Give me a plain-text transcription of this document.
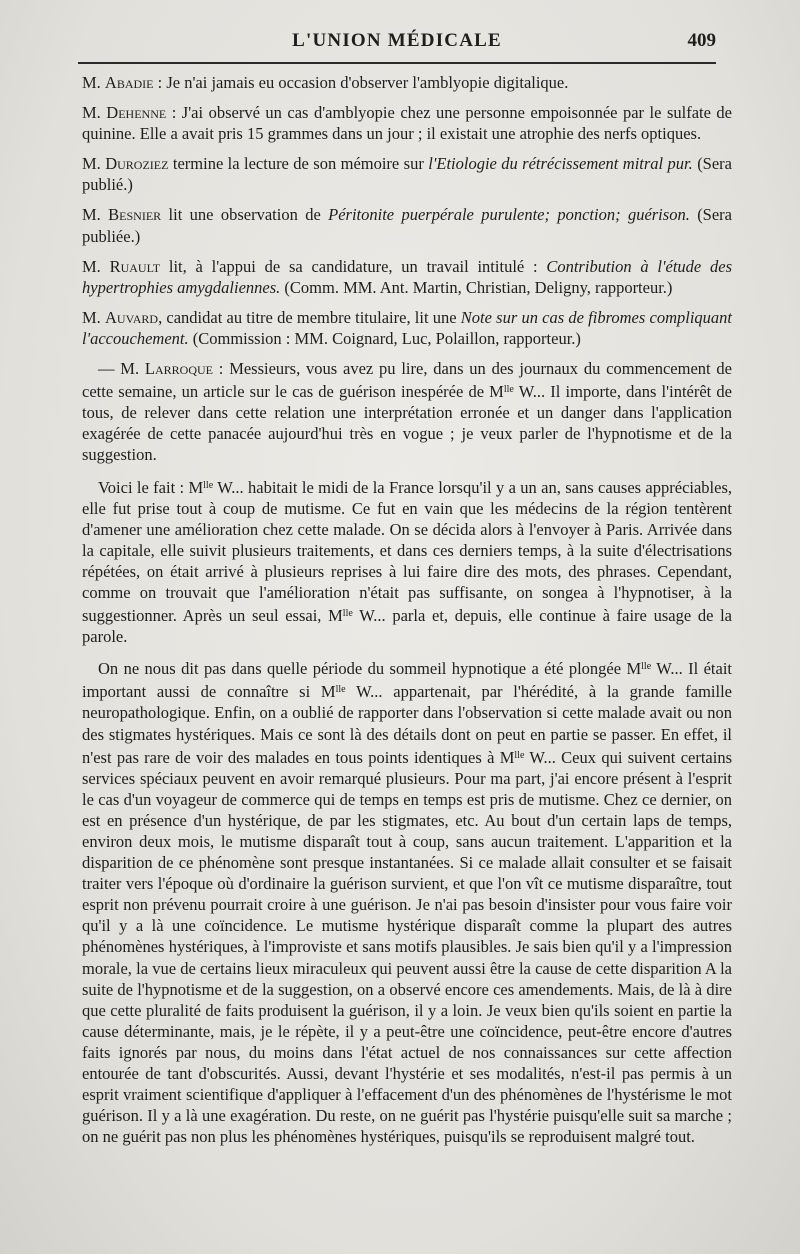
L'UNION MÉDICALE	409

M. Abadie : Je n'ai jamais eu occasion d'observer l'amblyopie digitalique.

M. Dehenne : J'ai observé un cas d'amblyopie chez une personne empoisonnée par le sulfate de quinine. Elle a avait pris 15 grammes dans un jour ; il existait une atrophie des nerfs optiques.

M. Duroziez termine la lecture de son mémoire sur l'Etiologie du rétrécissement mitral pur. (Sera publié.)

M. Besnier lit une observation de Péritonite puerpérale purulente; ponction; guérison. (Sera publiée.)

M. Ruault lit, à l'appui de sa candidature, un travail intitulé : Contribution à l'étude des hypertrophies amygdaliennes. (Comm. MM. Ant. Martin, Christian, Deligny, rapporteur.)

M. Auvard, candidat au titre de membre titulaire, lit une Note sur un cas de fibromes compliquant l'accouchement. (Commission : MM. Coignard, Luc, Polaillon, rapporteur.)

— M. Larroque : Messieurs, vous avez pu lire, dans un des journaux du commencement de cette semaine, un article sur le cas de guérison inespérée de $M^{lle}$ W... Il importe, dans l'intérêt de tous, de relever dans cette relation une interprétation erronée et un danger dans l'application exagérée de cette panacée aujourd'hui très en vogue ; je veux parler de l'hypnotisme et de la suggestion.

Voici le fait : $M^{lle}$ W... habitait le midi de la France lorsqu'il y a un an, sans causes appréciables, elle fut prise tout à coup de mutisme. Ce fut en vain que les médecins de la région tentèrent d'amener une amélioration chez cette malade. On se décida alors à l'envoyer à Paris. Arrivée dans la capitale, elle suivit plusieurs traitements, et dans ces derniers temps, à la suite d'électrisations répétées, on était arrivé à plusieurs reprises à lui faire dire des mots, des phrases. Cependant, comme on trouvait que l'amélioration n'était pas suffisante, on songea à l'hypnotiser, à la suggestionner. Après un seul essai, $M^{lle}$ W... parla et, depuis, elle continue à faire usage de la parole.

On ne nous dit pas dans quelle période du sommeil hypnotique a été plongée $M^{lle}$ W... Il était important aussi de connaître si $M^{lle}$ W... appartenait, par l'hérédité, à la grande famille neuropathologique. Enfin, on a oublié de rapporter dans l'observation si cette malade avait ou non des stigmates hystériques. Mais ce sont là des détails dont on peut en partie se passer. En effet, il n'est pas rare de voir des malades en tous points identiques à $M^{lle}$ W... Ceux qui suivent certains services spéciaux peuvent en avoir remarqué plusieurs. Pour ma part, j'ai encore présent à l'esprit le cas d'un voyageur de commerce qui de temps en temps est pris de mutisme. Chez ce dernier, on est en présence d'un hystérique, de par les stigmates, etc. Au bout d'un certain laps de temps, environ deux mois, le mutisme disparaît tout à coup, sans aucun traitement. L'apparition et la disparition de ce phénomène sont presque instantanées. Si ce malade allait consulter et se faisait traiter vers l'époque où d'ordinaire la guérison survient, et que l'on vît ce mutisme disparaître, tout esprit non prévenu pourrait croire à une guérison. Je n'ai pas besoin d'insister pour vous faire voir qu'il y a là une coïncidence. Le mutisme hystérique disparaît comme la plupart des autres phénomènes hystériques, à l'improviste et sans motifs plausibles. Je sais bien qu'il y a l'impression morale, la vue de certains lieux miraculeux qui peuvent aussi être la cause de cette disparition A la suite de l'hypnotisme et de la suggestion, on a observé encore ces amendements. Mais, de là à dire que cette pluralité de faits produisent la guérison, il y a loin. Je veux bien qu'ils soient en partie la cause déterminante, mais, je le répète, il y a peut-être une coïncidence, peut-être encore d'autres faits ignorés par nous, du moins dans l'état actuel de nos connaissances sur cette affection entourée de tant d'obscurités. Aussi, devant l'hystérie et ses modalités, n'est-il pas permis à un esprit vraiment scientifique d'appliquer à l'effacement d'un des phénomènes de l'hystérisme le mot guérison. Il y a là une exagération. Du reste, on ne guérit pas l'hystérie puisqu'elle suit sa marche ; on ne guérit pas non plus les phénomènes hystériques, puisqu'ils se reproduisent malgré tout.
